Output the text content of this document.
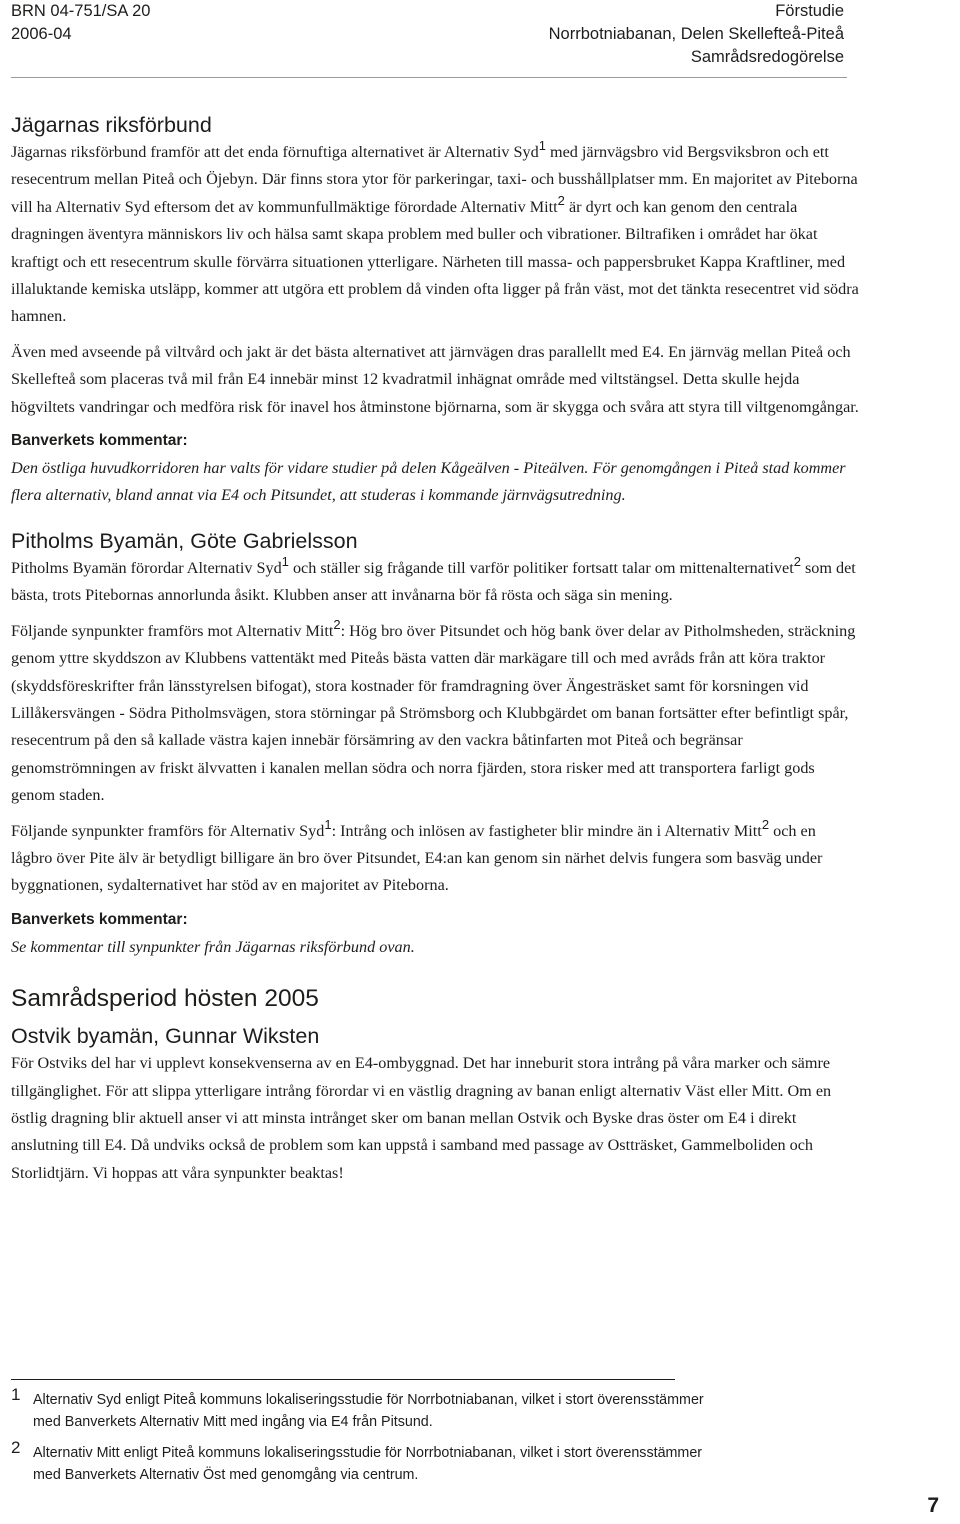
BRN 04-751/SA 20
2006-04
Förstudie
Norrbotniabanan, Delen Skellefteå-Piteå
Samrådsredogörelse
Jägarnas riksförbund

Jägarnas riksförbund framför att det enda förnuftiga alternativet är Alternativ Syd$^1$ med järnvägsbro vid Bergsviksbron och ett resecentrum mellan Piteå och Öjebyn. Där finns stora ytor för parkeringar, taxi- och busshållplatser mm. En majoritet av Piteborna vill ha Alternativ Syd eftersom det av kommunfullmäktige förordade Alternativ Mitt$^2$ är dyrt och kan genom den centrala dragningen äventyra människors liv och hälsa samt skapa problem med buller och vibrationer. Biltrafiken i området har ökat kraftigt och ett resecentrum skulle förvärra situationen ytterligare. Närheten till massa- och pappersbruket Kappa Kraftliner, med illaluktande kemiska utsläpp, kommer att utgöra ett problem då vinden ofta ligger på från väst, mot det tänkta resecentret vid södra hamnen.

Även med avseende på viltvård och jakt är det bästa alternativet att järnvägen dras parallellt med E4. En järnväg mellan Piteå och Skellefteå som placeras två mil från E4 innebär minst 12 kvadratmil inhägnat område med viltstängsel. Detta skulle hejda högviltets vandringar och medföra risk för inavel hos åtminstone björnarna, som är skygga och svåra att styra till viltgenomgångar.

Banverkets kommentar:

Den östliga huvudkorridoren har valts för vidare studier på delen Kågeälven - Piteälven. För genomgången i Piteå stad kommer flera alternativ, bland annat via E4 och Pitsundet, att studeras i kommande järnvägsutredning.

Pitholms Byamän, Göte Gabrielsson

Pitholms Byamän förordar Alternativ Syd$^1$ och ställer sig frågande till varför politiker fortsatt talar om mittenalternativet$^2$ som det bästa, trots Pitebornas annorlunda åsikt. Klubben anser att invånarna bör få rösta och säga sin mening.

Följande synpunkter framförs mot Alternativ Mitt$^2$: Hög bro över Pitsundet och hög bank över delar av Pitholmsheden, sträckning genom yttre skyddszon av Klubbens vattentäkt med Piteås bästa vatten där markägare till och med avråds från att köra traktor (skyddsföreskrifter från länsstyrelsen bifogat), stora kostnader för framdragning över Ängesträsket samt för korsningen vid Lillåkersvängen - Södra Pitholmsvägen, stora störningar på Strömsborg och Klubbgärdet om banan fortsätter efter befintligt spår, resecentrum på den så kallade västra kajen innebär försämring av den vackra båtinfarten mot Piteå och begränsar genomströmningen av friskt älvvatten i kanalen mellan södra och norra fjärden, stora risker med att transportera farligt gods genom staden.

Följande synpunkter framförs för Alternativ Syd$^1$: Intrång och inlösen av fastigheter blir mindre än i Alternativ Mitt$^2$ och en lågbro över Pite älv är betydligt billigare än bro över Pitsundet, E4:an kan genom sin närhet delvis fungera som basväg under byggnationen, sydalternativet har stöd av en majoritet av Piteborna.

Banverkets kommentar:

Se kommentar till synpunkter från Jägarnas riksförbund ovan.

Samrådsperiod hösten 2005
Ostvik byamän, Gunnar Wiksten

För Ostviks del har vi upplevt konsekvenserna av en E4-ombyggnad. Det har inneburit stora intrång på våra marker och sämre tillgänglighet. För att slippa ytterligare intrång förordar vi en västlig dragning av banan enligt alternativ Väst eller Mitt. Om en östlig dragning blir aktuell anser vi att minsta intrånget sker om banan mellan Ostvik och Byske dras öster om E4 i direkt anslutning till E4. Då undviks också de problem som kan uppstå i samband med passage av Ostträsket, Gammelboliden och Storlidtjärn. Vi hoppas att våra synpunkter beaktas!

1 Alternativ Syd enligt Piteå kommuns lokaliseringsstudie för Norrbotniabanan, vilket i stort överensstämmer med Banverkets Alternativ Mitt med ingång via E4 från Pitsund.
2 Alternativ Mitt enligt Piteå kommuns lokaliseringsstudie för Norrbotniabanan, vilket i stort överensstämmer med Banverkets Alternativ Öst med genomgång via centrum.
7
